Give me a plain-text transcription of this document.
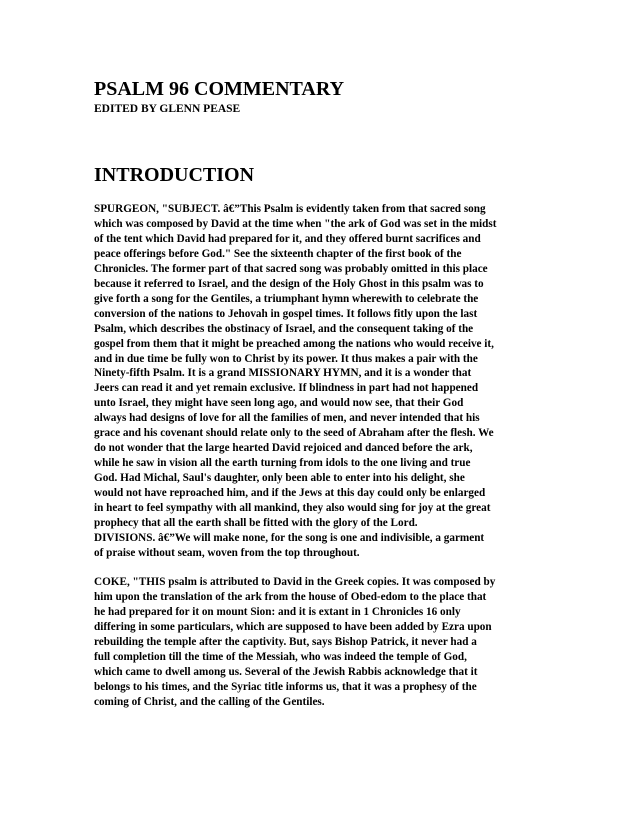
PSALM 96 COMMENTARY
EDITED BY GLENN PEASE
INTRODUCTION
SPURGEON, "SUBJECT. â€”This Psalm is evidently taken from that sacred song
which was composed by David at the time when "the ark of God was set in the midst
of the tent which David had prepared for it, and they offered burnt sacrifices and
peace offerings before God." See the sixteenth chapter of the first book of the
Chronicles. The former part of that sacred song was probably omitted in this place
because it referred to Israel, and the design of the Holy Ghost in this psalm was to
give forth a song for the Gentiles, a triumphant hymn wherewith to celebrate the
conversion of the nations to Jehovah in gospel times. It follows fitly upon the last
Psalm, which describes the obstinacy of Israel, and the consequent taking of the
gospel from them that it might be preached among the nations who would receive it,
and in due time be fully won to Christ by its power. It thus makes a pair with the
Ninety-fifth Psalm. It is a grand MISSIONARY HYMN, and it is a wonder that
Jeers can read it and yet remain exclusive. If blindness in part had not happened
unto Israel, they might have seen long ago, and would now see, that their God
always had designs of love for all the families of men, and never intended that his
grace and his covenant should relate only to the seed of Abraham after the flesh. We
do not wonder that the large hearted David rejoiced and danced before the ark,
while he saw in vision all the earth turning from idols to the one living and true
God. Had Michal, Saul's daughter, only been able to enter into his delight, she
would not have reproached him, and if the Jews at this day could only be enlarged
in heart to feel sympathy with all mankind, they also would sing for joy at the great
prophecy that all the earth shall be fitted with the glory of the Lord.
DIVISIONS. â€”We will make none, for the song is one and indivisible, a garment
of praise without seam, woven from the top throughout.
COKE, "THIS psalm is attributed to David in the Greek copies. It was composed by
him upon the translation of the ark from the house of Obed-edom to the place that
he had prepared for it on mount Sion: and it is extant in 1 Chronicles 16 only
differing in some particulars, which are supposed to have been added by Ezra upon
rebuilding the temple after the captivity. But, says Bishop Patrick, it never had a
full completion till the time of the Messiah, who was indeed the temple of God,
which came to dwell among us. Several of the Jewish Rabbis acknowledge that it
belongs to his times, and the Syriac title informs us, that it was a prophesy of the
coming of Christ, and the calling of the Gentiles.
